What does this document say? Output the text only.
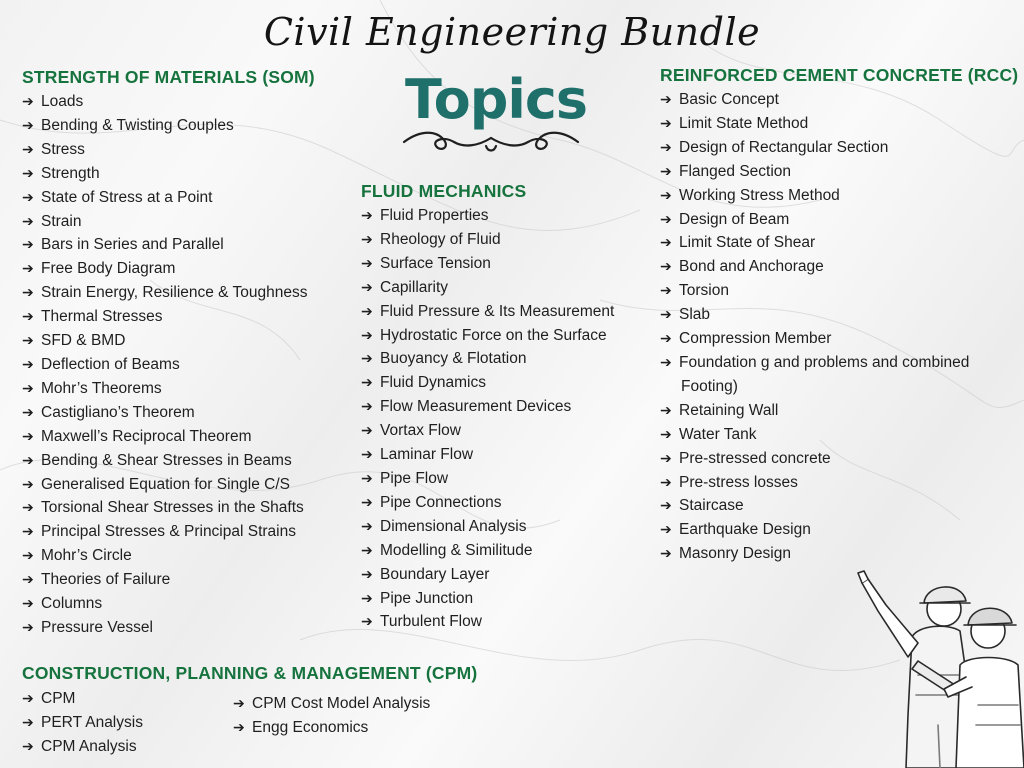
Civil Engineering Bundle
Topics
STRENGTH OF MATERIALS (SOM)
➔ Loads
➔ Bending & Twisting Couples
➔ Stress
➔ Strength
➔ State of Stress at a Point
➔ Strain
➔ Bars in Series and Parallel
➔ Free Body Diagram
➔ Strain Energy, Resilience & Toughness
➔ Thermal Stresses
➔ SFD & BMD
➔ Deflection of Beams
➔ Mohr’s Theorems
➔ Castigliano’s Theorem
➔ Maxwell’s Reciprocal Theorem
➔ Bending & Shear Stresses in Beams
➔ Generalised Equation for Single C/S
➔ Torsional Shear Stresses in the Shafts
➔ Principal Stresses & Principal Strains
➔ Mohr’s Circle
➔ Theories of Failure
➔ Columns
➔ Pressure Vessel
FLUID MECHANICS
➔ Fluid Properties
➔ Rheology of Fluid
➔ Surface Tension
➔ Capillarity
➔ Fluid Pressure & Its Measurement
➔ Hydrostatic Force on the Surface
➔ Buoyancy & Flotation
➔ Fluid Dynamics
➔ Flow Measurement Devices
➔ Vortax Flow
➔ Laminar Flow
➔ Pipe Flow
➔ Pipe Connections
➔ Dimensional Analysis
➔ Modelling & Similitude
➔ Boundary Layer
➔ Pipe Junction
➔ Turbulent Flow
REINFORCED CEMENT CONCRETE (RCC)
➔ Basic Concept
➔ Limit State Method
➔ Design of Rectangular Section
➔ Flanged Section
➔ Working Stress Method
➔ Design of Beam
➔ Limit State of Shear
➔ Bond and Anchorage
➔ Torsion
➔ Slab
➔ Compression Member
➔ Foundation g and problems and combined
Footing)
➔ Retaining Wall
➔ Water Tank
➔ Pre-stressed concrete
➔ Pre-stress losses
➔ Staircase
➔ Earthquake Design
➔ Masonry Design
CONSTRUCTION, PLANNING & MANAGEMENT (CPM)
➔ CPM
➔ PERT Analysis
➔ CPM Analysis
➔ CPM Cost Model Analysis
➔ Engg Economics
